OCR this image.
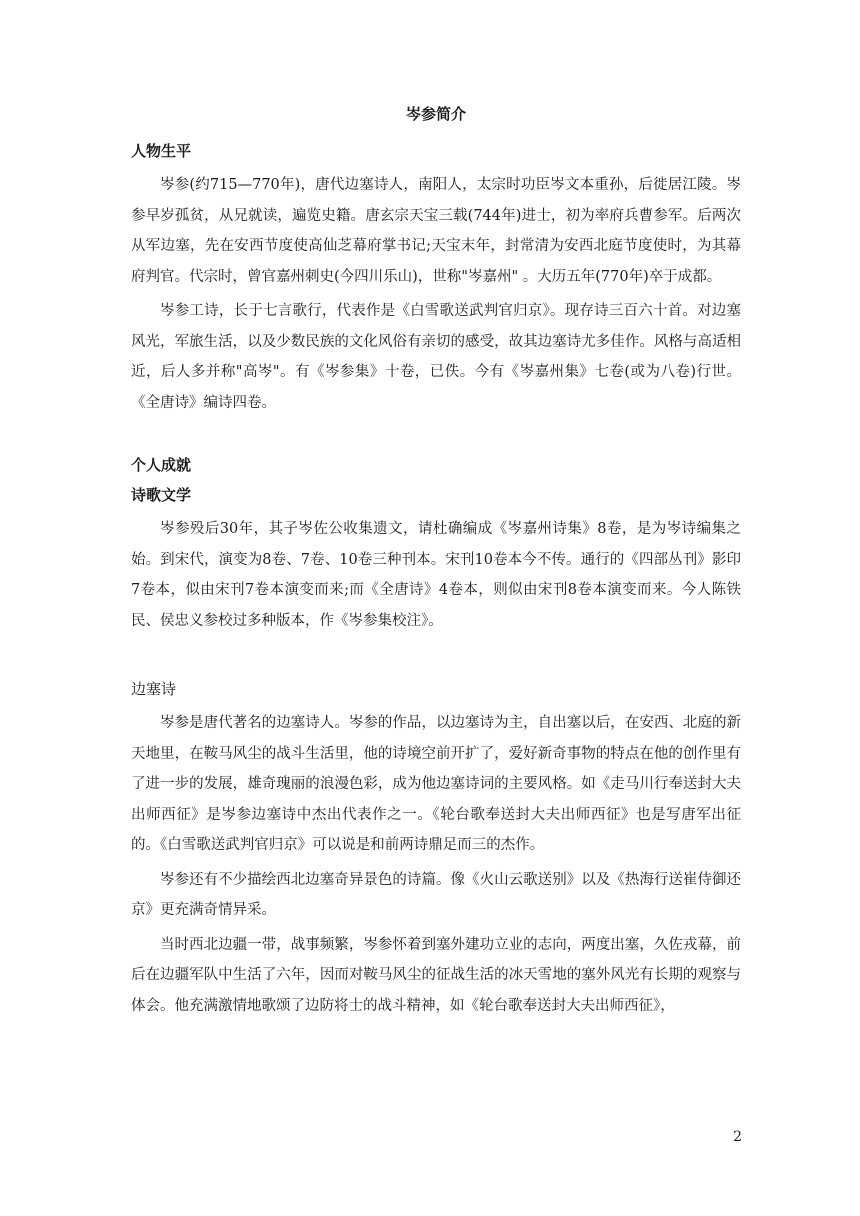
岑参简介
人物生平

岑参(约715—770年)，唐代边塞诗人，南阳人，太宗时功臣岑文本重孙，后徙居江陵。岑参早岁孤贫，从兄就读，遍览史籍。唐玄宗天宝三载(744年)进士，初为率府兵曹参军。后两次从军边塞，先在安西节度使高仙芝幕府掌书记;天宝末年，封常清为安西北庭节度使时，为其幕府判官。代宗时，曾官嘉州刺史(今四川乐山)，世称"岑嘉州" 。大历五年(770年)卒于成都。

岑参工诗，长于七言歌行，代表作是《白雪歌送武判官归京》。现存诗三百六十首。对边塞风光，军旅生活，以及少数民族的文化风俗有亲切的感受，故其边塞诗尤多佳作。风格与高适相近，后人多并称"高岑"。有《岑参集》十卷，已佚。今有《岑嘉州集》七卷(或为八卷)行世。《全唐诗》编诗四卷。

个人成就
诗歌文学

岑参殁后30年，其子岑佐公收集遗文，请杜确编成《岑嘉州诗集》8卷，是为岑诗编集之始。到宋代，演变为8卷、7卷、10卷三种刊本。宋刊10卷本今不传。通行的《四部丛刊》影印7卷本，似由宋刊7卷本演变而来;而《全唐诗》4卷本，则似由宋刊8卷本演变而来。今人陈铁民、侯忠义参校过多种版本，作《岑参集校注》。

边塞诗

岑参是唐代著名的边塞诗人。岑参的作品，以边塞诗为主，自出塞以后，在安西、北庭的新天地里，在鞍马风尘的战斗生活里，他的诗境空前开扩了，爱好新奇事物的特点在他的创作里有了进一步的发展，雄奇瑰丽的浪漫色彩，成为他边塞诗词的主要风格。如《走马川行奉送封大夫出师西征》是岑参边塞诗中杰出代表作之一。《轮台歌奉送封大夫出师西征》也是写唐军出征的。《白雪歌送武判官归京》可以说是和前两诗鼎足而三的杰作。

岑参还有不少描绘西北边塞奇异景色的诗篇。像《火山云歌送别》以及《热海行送崔侍御还京》更充满奇情异采。

当时西北边疆一带，战事频繁，岑参怀着到塞外建功立业的志向，两度出塞，久佐戎幕，前后在边疆军队中生活了六年，因而对鞍马风尘的征战生活的冰天雪地的塞外风光有长期的观察与体会。他充满激情地歌颂了边防将士的战斗精神，如《轮台歌奉送封大夫出师西征》，

2
